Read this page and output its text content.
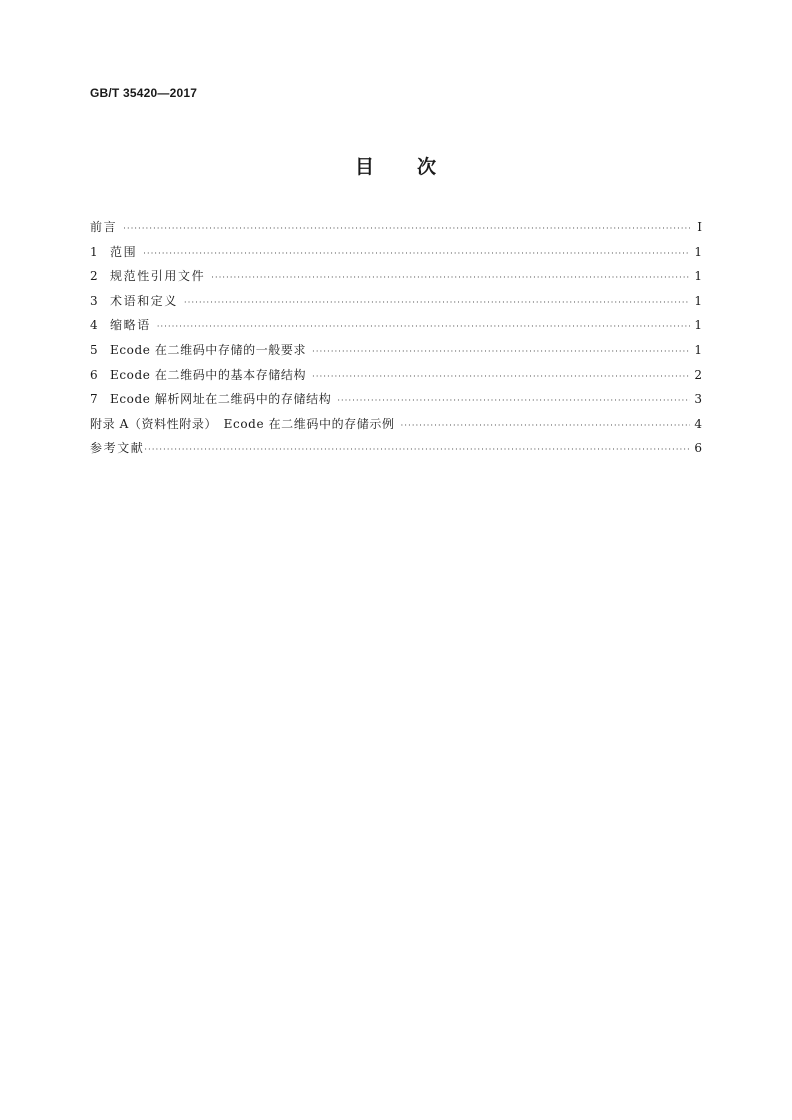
GB/T 35420—2017
目 次
前言 ·····	Ⅰ
1	范围 ·····	1
2	规范性引用文件 ·····	1
3	术语和定义 ·····	1
4	缩略语 ·····	1
5	Ecode 在二维码中存储的一般要求 ·····	1
6	Ecode 在二维码中的基本存储结构 ·····	2
7	Ecode 解析网址在二维码中的存储结构 ·····	3
附录 A（资料性附录）　Ecode 在二维码中的存储示例 ·····	4
参考文献 ·····	6
